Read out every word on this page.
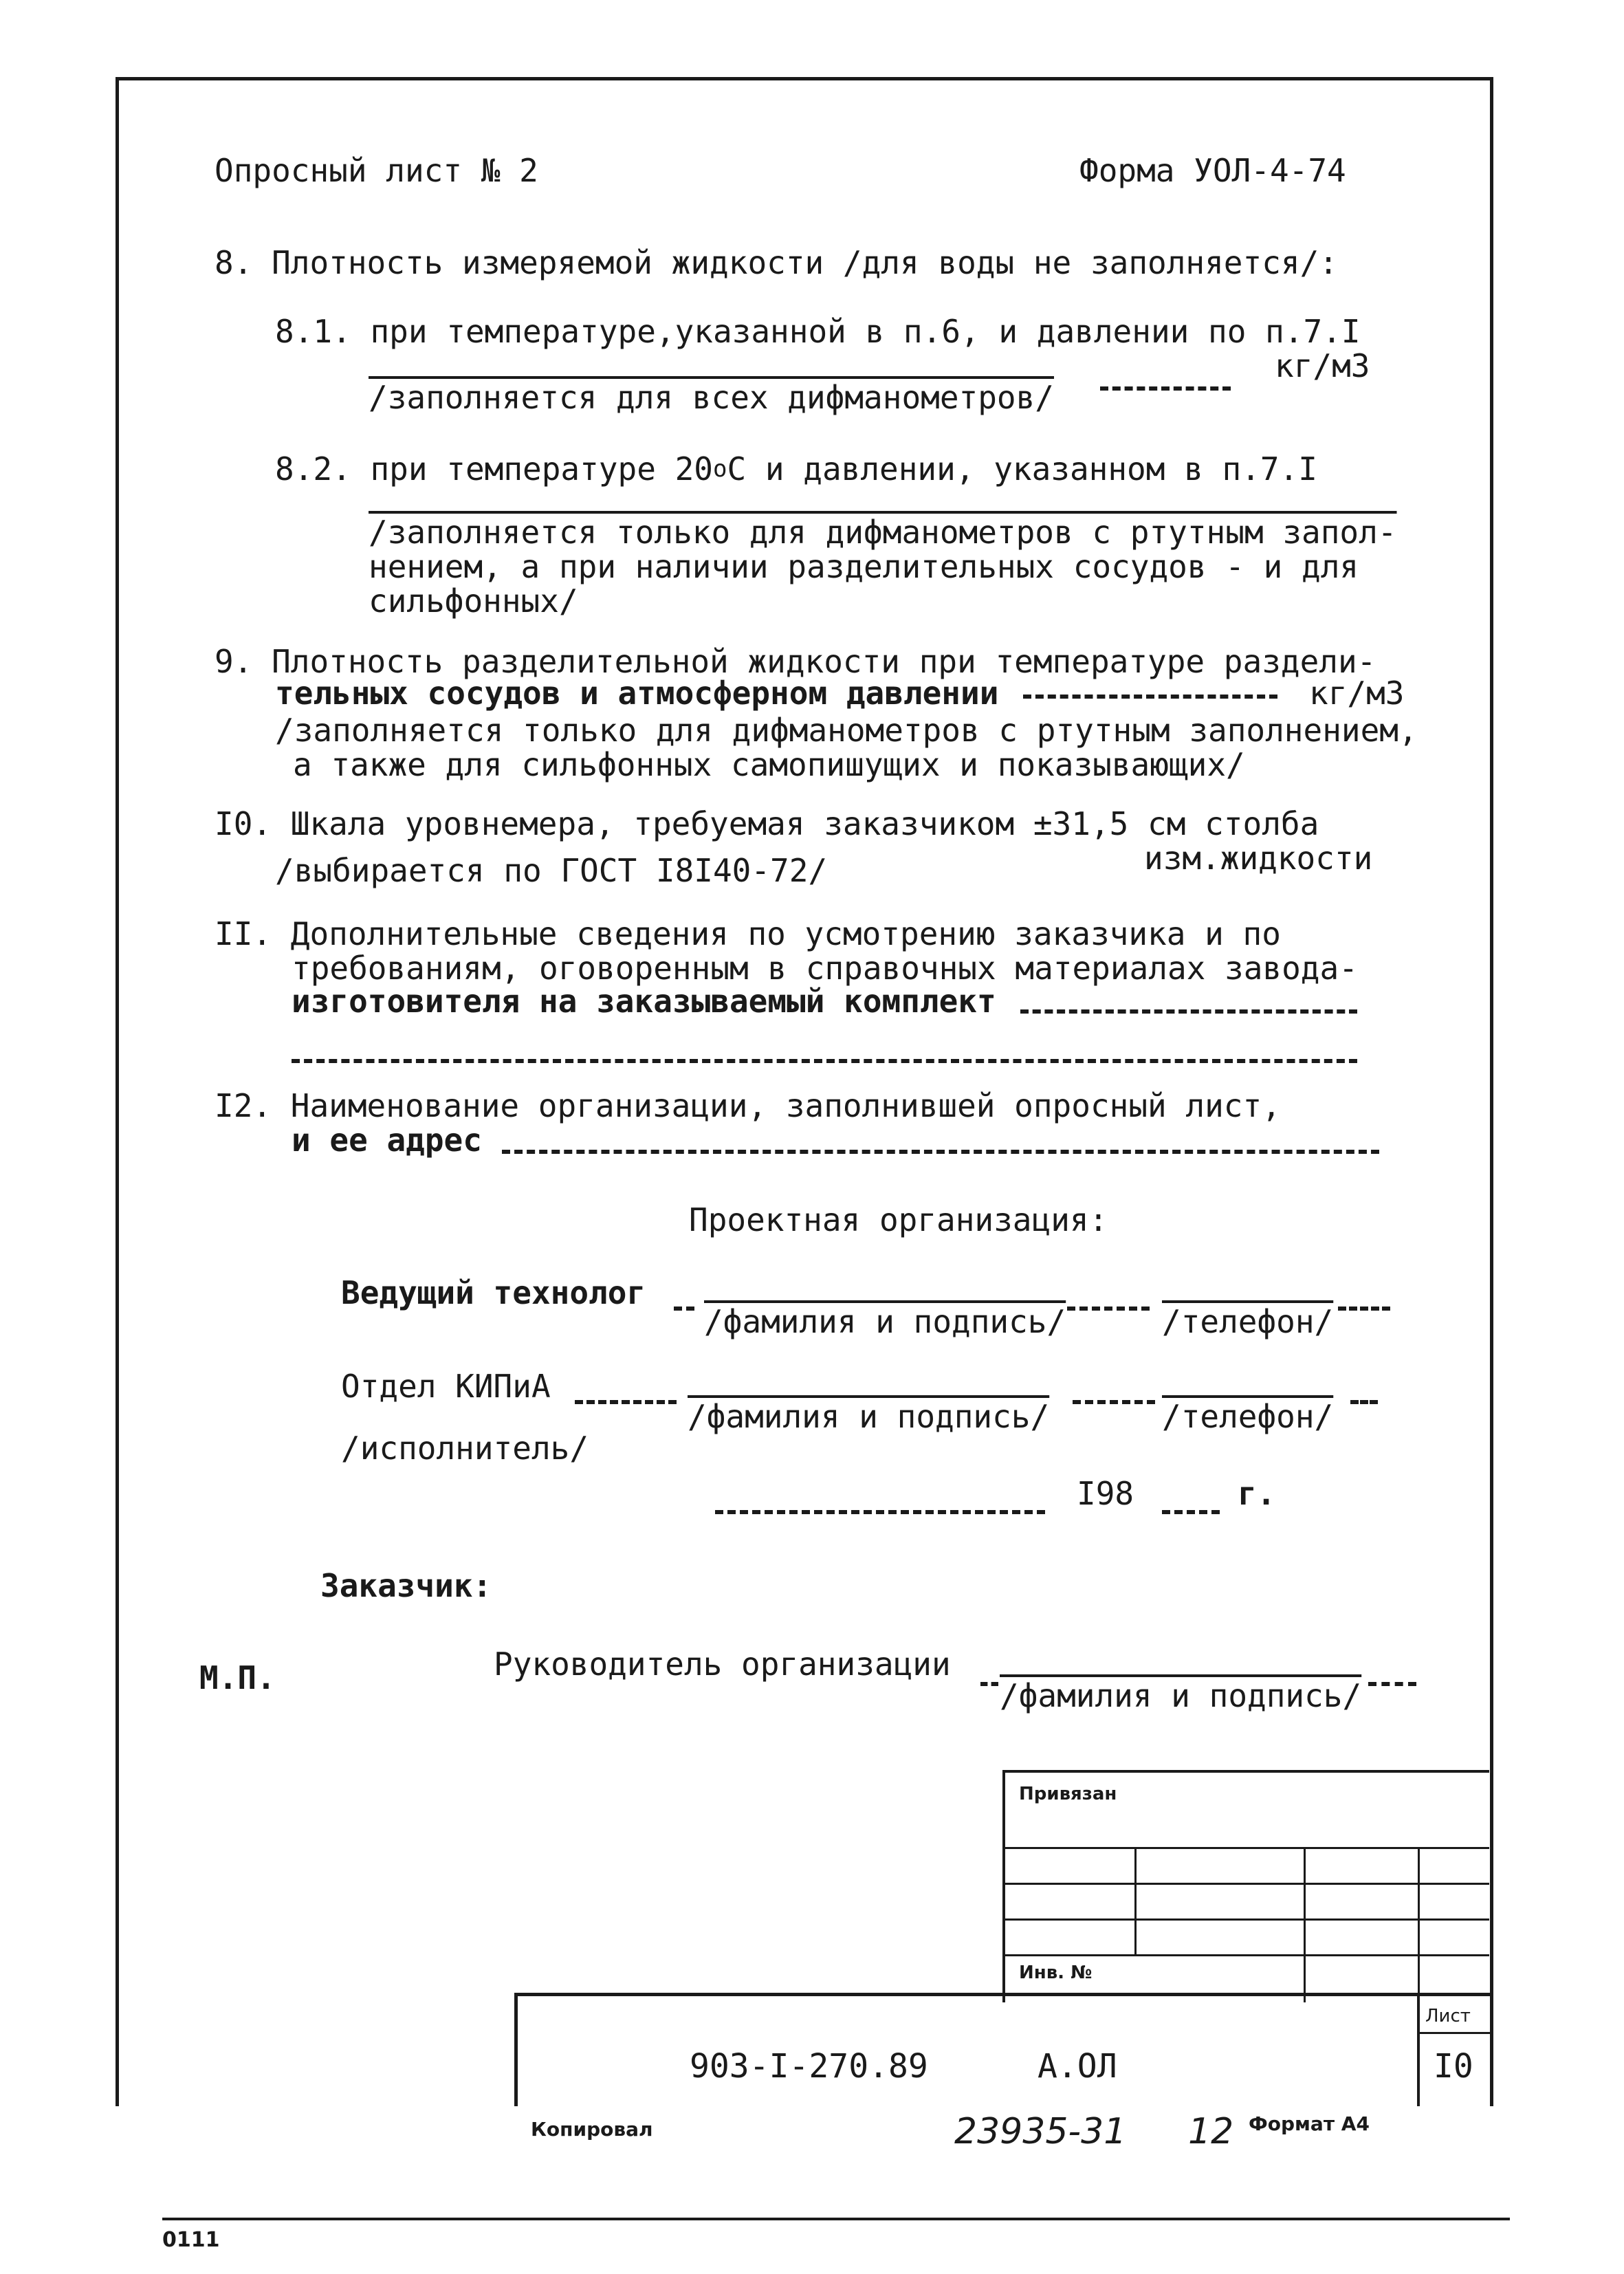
Опросный лист № 2	Форма УОЛ-4-74
8. Плотность измеряемой жидкости /для воды не заполняется/:
8.1. при температуре,указанной в п.6, и давлении по п.7.I
кг/м3
/заполняется для всех дифманометров/
8.2. при температуре $20^оС$ и давлении, указанном в п.7.I
/заполняется только для дифманометров с ртутным запол-
нением, а при наличии разделительных сосудов - и для
сильфонных/
9. Плотность разделительной жидкости при температуре раздели-
тельных сосудов и атмосферном давлении	кг/м3
/заполняется только для дифманометров с ртутным заполнением,
а также для сильфонных самопишущих и показывающих/
I0. Шкала уровнемера, требуемая заказчиком ±31,5 см столба
/выбирается по ГОСТ I8I40-72/	изм.жидкости
II. Дополнительные сведения по усмотрению заказчика и по
требованиям, оговоренным в справочных материалах завода-
изготовителя на заказываемый комплект
I2. Наименование организации, заполнившей опросный лист,
и ее адрес
Проектная организация:
Ведущий технолог
/фамилия и подпись/	/телефон/
Отдел КИПиА
/фамилия и подпись/	/телефон/
/исполнитель/
I98	г.
Заказчик:
М.П.	Руководитель организации
/фамилия и подпись/
Привязан
Инв. №
903-I-270.89	А.ОЛ
Лист
I0
Копировал	23935-31 12 Формат А4
0111
